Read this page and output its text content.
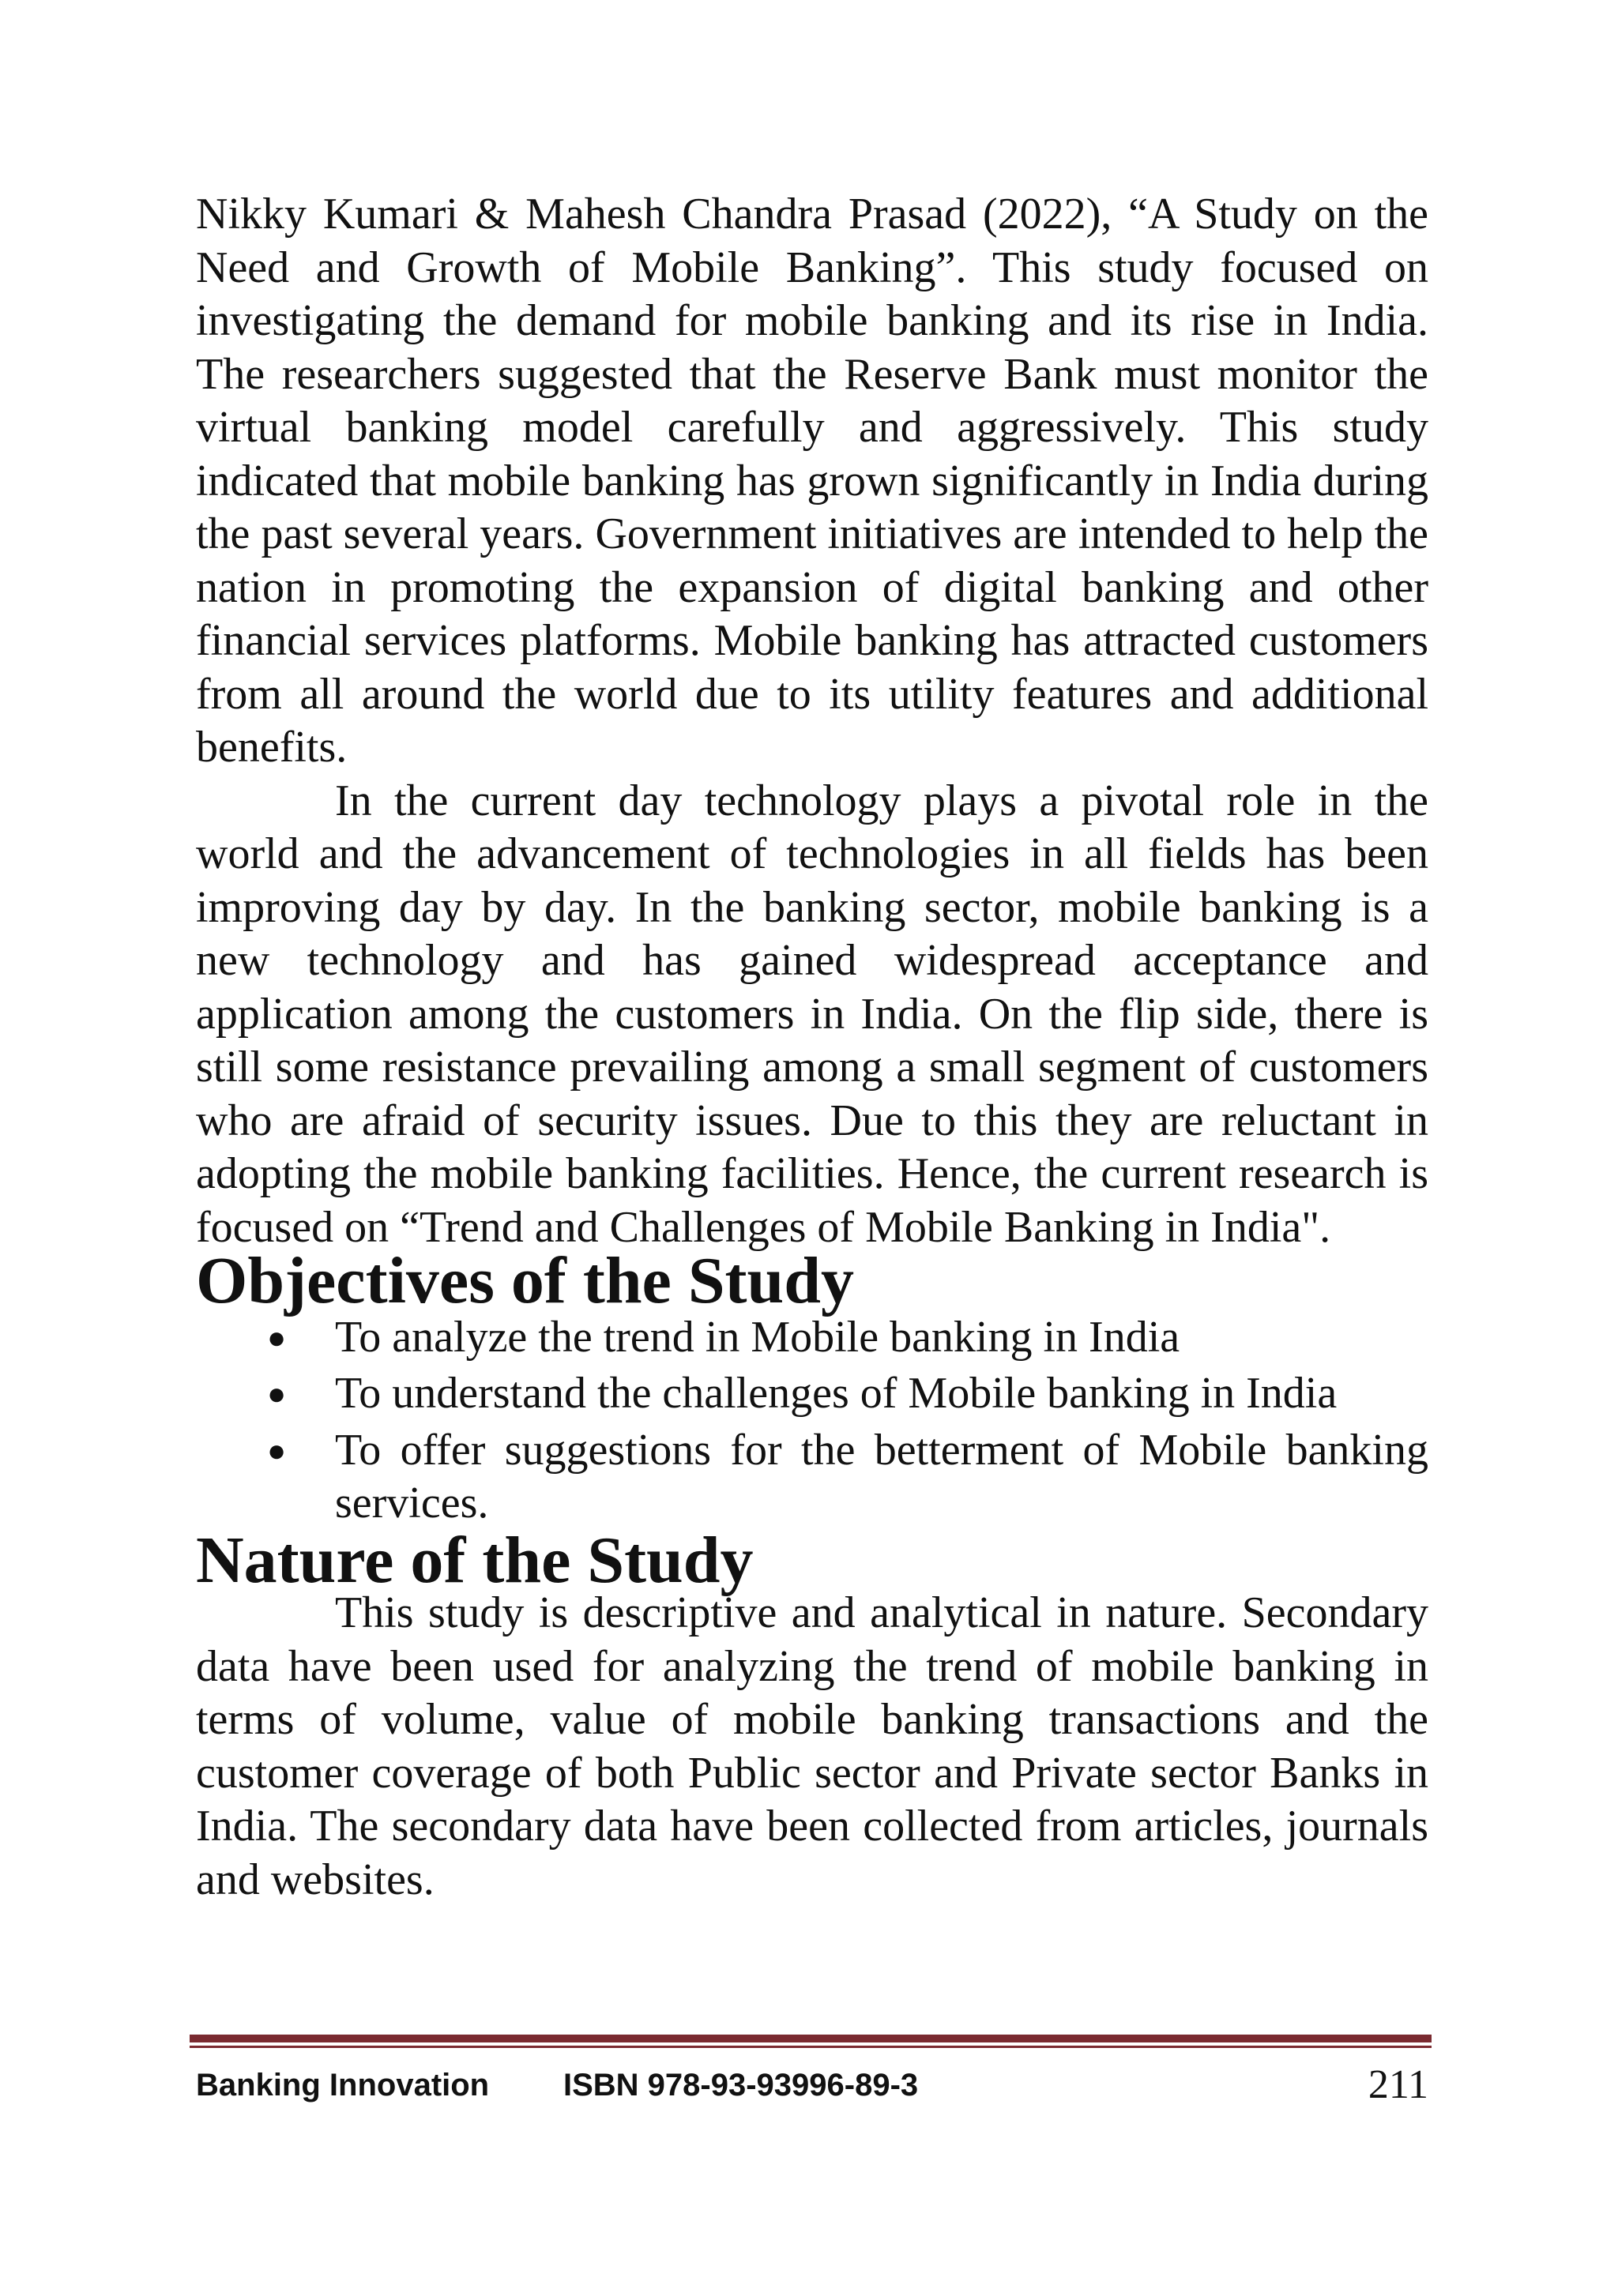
Nikky Kumari & Mahesh Chandra Prasad (2022), “A Study on the Need and Growth of Mobile Banking”. This study focused on investigating the demand for mobile banking and its rise in India. The researchers suggested that the Reserve Bank must monitor the virtual banking model carefully and aggressively. This study indicated that mobile banking has grown significantly in India during the past several years. Government initiatives are intended to help the nation in promoting the expansion of digital banking and other financial services platforms. Mobile banking has attracted customers from all around the world due to its utility features and additional benefits.

In the current day technology plays a pivotal role in the world and the advancement of technologies in all fields has been improving day by day. In the banking sector, mobile banking is a new technology and has gained widespread acceptance and application among the customers in India. On the flip side, there is still some resistance prevailing among a small segment of customers who are afraid of security issues. Due to this they are reluctant in adopting the mobile banking facilities. Hence, the current research is focused on “Trend and Challenges of Mobile Banking in India".

Objectives of the Study
● To analyze the trend in Mobile banking in India
● To understand the challenges of Mobile banking in India
● To offer suggestions for the betterment of Mobile banking services.
Nature of the Study

This study is descriptive and analytical in nature. Secondary data have been used for analyzing the trend of mobile banking in terms of volume, value of mobile banking transactions and the customer coverage of both Public sector and Private sector Banks in India. The secondary data have been collected from articles, journals and websites.

Banking Innovation ISBN 978-93-93996-89-3	211
